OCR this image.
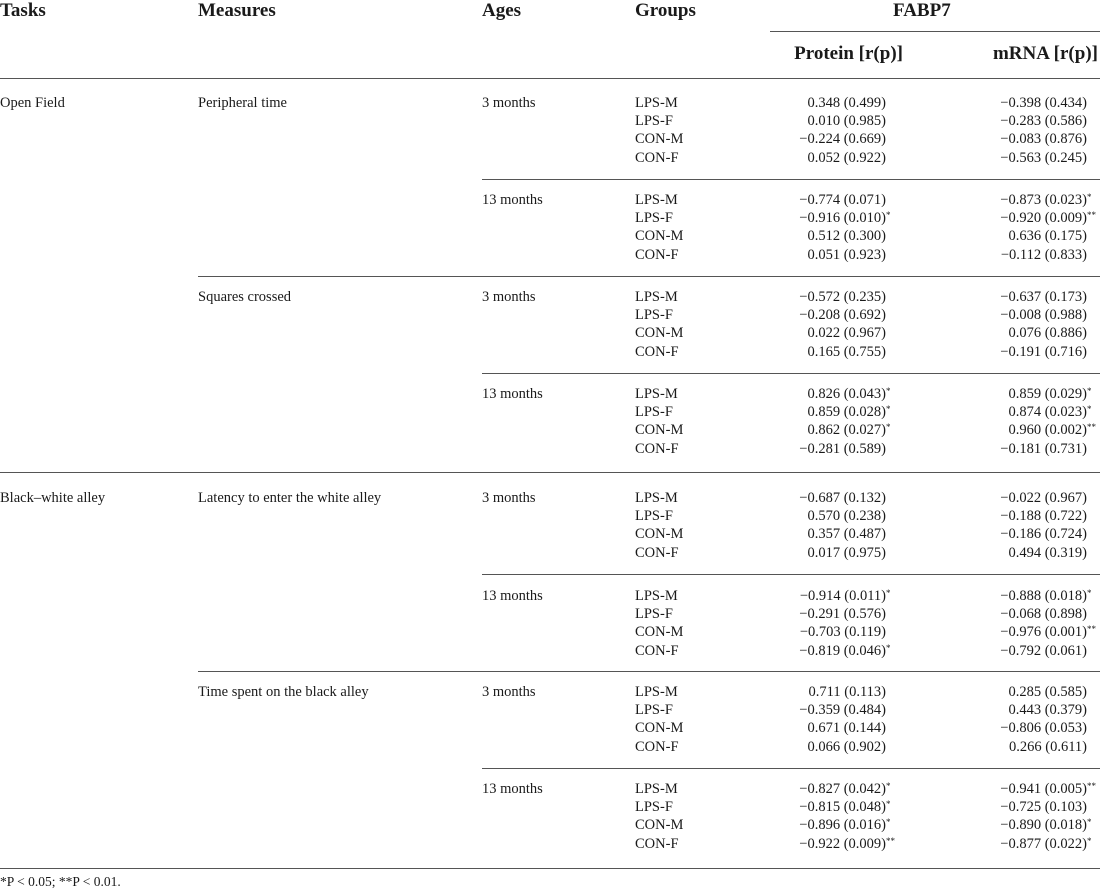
Tasks	Measures	Ages	Groups	FABP7
Protein [r(p)]	mRNA [r(p)]
Open Field	Peripheral time	3 months	LPS-M	0.348 (0.499)	−0.398 (0.434)
LPS-F	0.010 (0.985)	−0.283 (0.586)
CON-M	−0.224 (0.669)	−0.083 (0.876)
CON-F	0.052 (0.922)	−0.563 (0.245)
13 months	LPS-M	−0.774 (0.071)	−0.873 (0.023)*
LPS-F	−0.916 (0.010)*	−0.920 (0.009)**
CON-M	0.512 (0.300)	0.636 (0.175)
CON-F	0.051 (0.923)	−0.112 (0.833)
Squares crossed	3 months	LPS-M	−0.572 (0.235)	−0.637 (0.173)
LPS-F	−0.208 (0.692)	−0.008 (0.988)
CON-M	0.022 (0.967)	0.076 (0.886)
CON-F	0.165 (0.755)	−0.191 (0.716)
13 months	LPS-M	0.826 (0.043)*	0.859 (0.029)*
LPS-F	0.859 (0.028)*	0.874 (0.023)*
CON-M	0.862 (0.027)*	0.960 (0.002)**
CON-F	−0.281 (0.589)	−0.181 (0.731)
Black–white alley	Latency to enter the white alley	3 months	LPS-M	−0.687 (0.132)	−0.022 (0.967)
LPS-F	0.570 (0.238)	−0.188 (0.722)
CON-M	0.357 (0.487)	−0.186 (0.724)
CON-F	0.017 (0.975)	0.494 (0.319)
13 months	LPS-M	−0.914 (0.011)*	−0.888 (0.018)*
LPS-F	−0.291 (0.576)	−0.068 (0.898)
CON-M	−0.703 (0.119)	−0.976 (0.001)**
CON-F	−0.819 (0.046)*	−0.792 (0.061)
Time spent on the black alley	3 months	LPS-M	0.711 (0.113)	0.285 (0.585)
LPS-F	−0.359 (0.484)	0.443 (0.379)
CON-M	0.671 (0.144)	−0.806 (0.053)
CON-F	0.066 (0.902)	0.266 (0.611)
13 months	LPS-M	−0.827 (0.042)*	−0.941 (0.005)**
LPS-F	−0.815 (0.048)*	−0.725 (0.103)
CON-M	−0.896 (0.016)*	−0.890 (0.018)*
CON-F	−0.922 (0.009)**	−0.877 (0.022)*
*P < 0.05; **P < 0.01.
